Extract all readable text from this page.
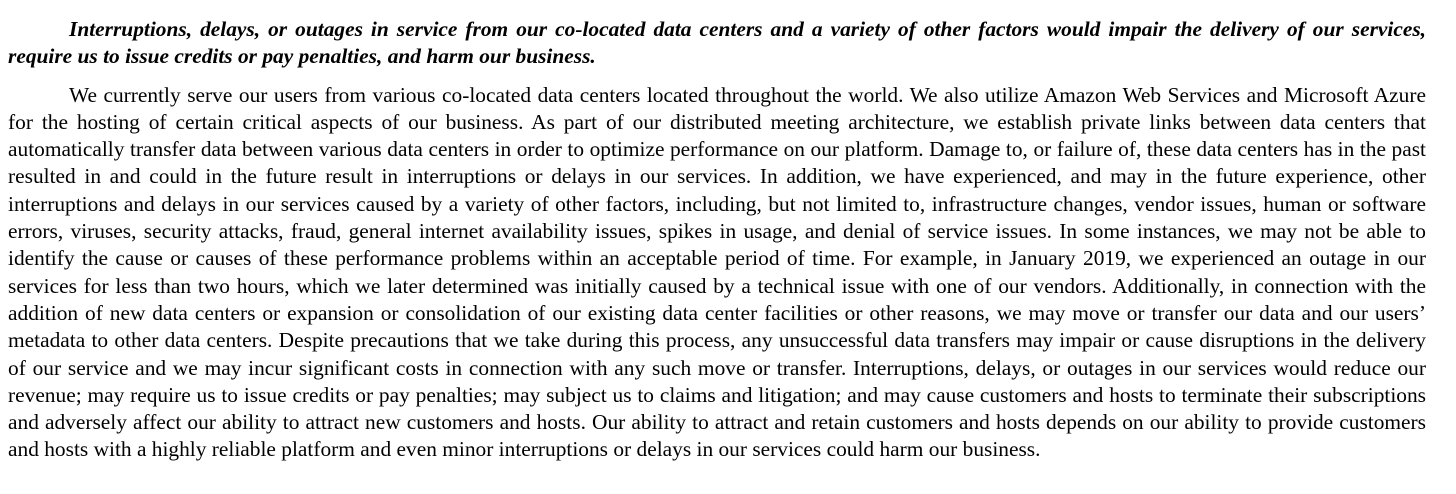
Interruptions, delays, or outages in service from our co-located data centers and a variety of other factors would impair the delivery of our services, require us to issue credits or pay penalties, and harm our business.

We currently serve our users from various co-located data centers located throughout the world. We also utilize Amazon Web Services and Microsoft Azure for the hosting of certain critical aspects of our business. As part of our distributed meeting architecture, we establish private links between data centers that automatically transfer data between various data centers in order to optimize performance on our platform. Damage to, or failure of, these data centers has in the past resulted in and could in the future result in interruptions or delays in our services. In addition, we have experienced, and may in the future experience, other interruptions and delays in our services caused by a variety of other factors, including, but not limited to, infrastructure changes, vendor issues, human or software errors, viruses, security attacks, fraud, general internet availability issues, spikes in usage, and denial of service issues. In some instances, we may not be able to identify the cause or causes of these performance problems within an acceptable period of time. For example, in January 2019, we experienced an outage in our services for less than two hours, which we later determined was initially caused by a technical issue with one of our vendors. Additionally, in connection with the addition of new data centers or expansion or consolidation of our existing data center facilities or other reasons, we may move or transfer our data and our users’ metadata to other data centers. Despite precautions that we take during this process, any unsuccessful data transfers may impair or cause disruptions in the delivery of our service and we may incur significant costs in connection with any such move or transfer. Interruptions, delays, or outages in our services would reduce our revenue; may require us to issue credits or pay penalties; may subject us to claims and litigation; and may cause customers and hosts to terminate their subscriptions and adversely affect our ability to attract new customers and hosts. Our ability to attract and retain customers and hosts depends on our ability to provide customers and hosts with a highly reliable platform and even minor interruptions or delays in our services could harm our business.
